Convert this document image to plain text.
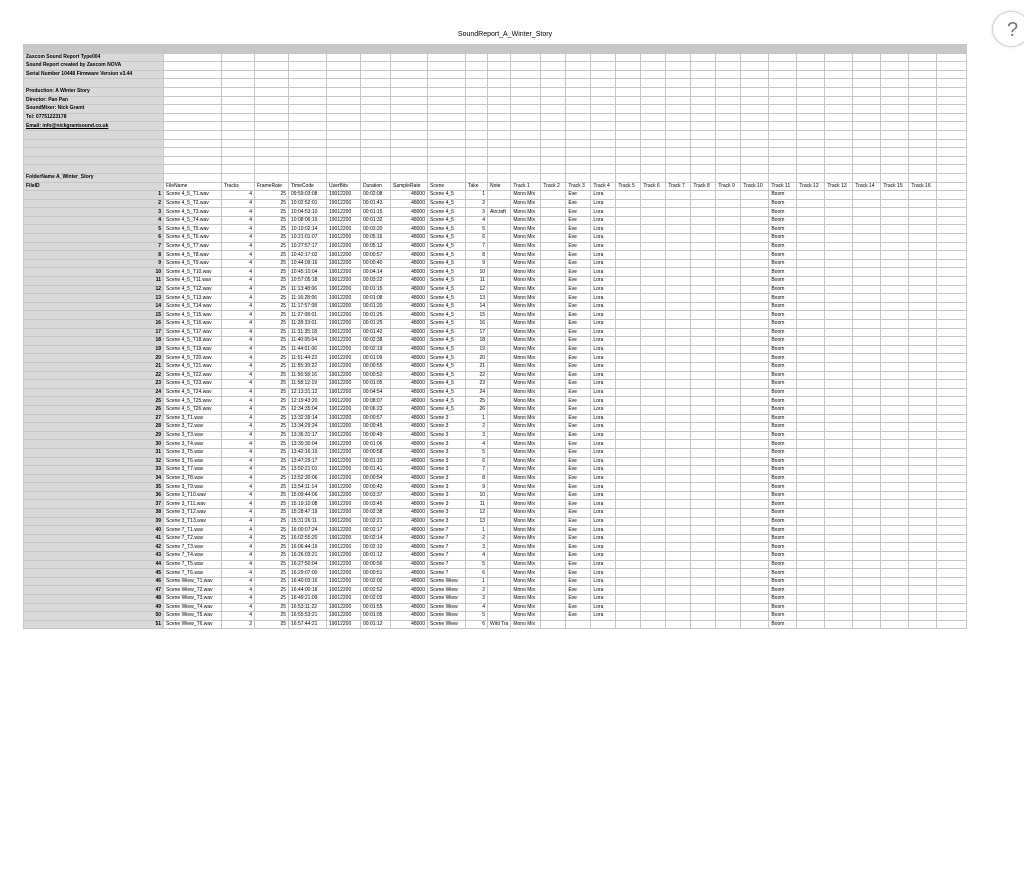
SoundReport_A_Winter_Story	?

Zaxcom Sound Report Type004																											
Sound Report created by Zaxcom NOVA																											
Serial Number 10448 Firmware Version v3.44																											

Production: A Winter Story																											
Director: Pan Pan																											
SoundMixer: Nick Gramt																											
Tel: 07751223178																											
Email: info@nickgrantsound.co.uk																											

FolderName A_Winter_Story																											
FileID	FileName	Tracks	FrameRate	TimeCode	UserBits	Duration	SampleRate	Scene	Take	Note	Track 1	Track 2	Track 3	Track 4	Track 5	Track 6	Track 7	Track 8	Track 9	Track 10	Track 11	Track 12	Track 13	Track 14	Track 15	Track 16	
1	Scene 4_5_T1.wav	4	25	09:59:03:08	19012200	00:02:08	48000	Scene 4_5	1		Mono Mix		Eve	Lora							Boom						
2	Scene 4_5_T2.wav	4	25	10:02:52:01	19012200	00:01:43	48000	Scene 4_5	2		Mono Mix		Eve	Lora							Boom						
3	Scene 4_5_T3.wav	4	25	10:04:53:10	19012200	00:01:15	48000	Scene 4_5	3	Aircraft	Mono Mix		Eve	Lora							Boom						
4	Scene 4_5_T4.wav	4	25	10:08:06:19	19012200	00:01:32	48000	Scene 4_5	4		Mono Mix		Eve	Lora							Boom						
5	Scene 4_5_T5.wav	4	25	10:10:02:14	19012200	00:03:20	48000	Scene 4_5	5		Mono Mix		Eve	Lora							Boom						
6	Scene 4_5_T6.wav	4	25	10:21:01:07	19012200	00:05:16	48000	Scene 4_5	6		Mono Mix		Eve	Lora							Boom						
7	Scene 4_5_T7.wav	4	25	10:27:57:17	19012200	00:05:12	48000	Scene 4_5	7		Mono Mix		Eve	Lora							Boom						
8	Scene 4_5_T8.wav	4	25	10:42:17:02	19012200	00:00:57	48000	Scene 4_5	8		Mono Mix		Eve	Lora							Boom						
9	Scene 4_5_T9.wav	4	25	10:44:09:16	19012200	00:00:40	48000	Scene 4_5	9		Mono Mix		Eve	Lora							Boom						
10	Scene 4_5_T10.wav	4	25	10:45:10:04	19012200	00:04:14	48000	Scene 4_5	10		Mono Mix		Eve	Lora							Boom						
11	Scene 4_5_T11.wav	4	25	10:57:05:18	19012200	00:03:22	48000	Scene 4_5	11		Mono Mix		Eve	Lora							Boom						
12	Scene 4_5_T12.wav	4	25	11:13:48:06	19012200	00:01:15	48000	Scene 4_5	12		Mono Mix		Eve	Lora							Boom						
13	Scene 4_5_T13.wav	4	25	11:16:28:06	19012200	00:01:08	48000	Scene 4_5	13		Mono Mix		Eve	Lora							Boom						
14	Scene 4_5_T14.wav	4	25	11:17:57:08	19012200	00:01:20	48000	Scene 4_5	14		Mono Mix		Eve	Lora							Boom						
15	Scene 4_5_T15.wav	4	25	11:27:08:01	19012200	00:01:25	48000	Scene 4_5	15		Mono Mix		Eve	Lora							Boom						
16	Scene 4_5_T16.wav	4	25	11:28:33:01	19012200	00:01:25	48000	Scene 4_5	16		Mono Mix		Eve	Lora							Boom						
17	Scene 4_5_T17.wav	4	25	11:31:35:18	19012200	00:01:42	48000	Scene 4_5	17		Mono Mix		Eve	Lora							Boom						
18	Scene 4_5_T18.wav	4	25	11:40:05:04	19012200	00:02:38	48000	Scene 4_5	18		Mono Mix		Eve	Lora							Boom						
19	Scene 4_5_T19.wav	4	25	11:44:01:06	19012200	00:02:19	48000	Scene 4_5	19		Mono Mix		Eve	Lora							Boom						
20	Scene 4_5_T20.wav	4	25	11:51:44:23	19012200	00:01:09	48000	Scene 4_5	20		Mono Mix		Eve	Lora							Boom						
21	Scene 4_5_T21.wav	4	25	11:55:39:22	19012200	00:00:55	48000	Scene 4_5	21		Mono Mix		Eve	Lora							Boom						
22	Scene 4_5_T22.wav	4	25	11:56:58:16	19012200	00:00:52	48000	Scene 4_5	22		Mono Mix		Eve	Lora							Boom						
23	Scene 4_5_T23.wav	4	25	11:58:12:19	19012200	00:01:05	48000	Scene 4_5	23		Mono Mix		Eve	Lora							Boom						
24	Scene 4_5_T24.wav	4	25	12:13:31:12	19012200	00:04:54	48000	Scene 4_5	24		Mono Mix		Eve	Lora							Boom						
25	Scene 4_5_T25.wav	4	25	12:19:43:20	19012200	00:08:07	48000	Scene 4_5	25		Mono Mix		Eve	Lora							Boom						
26	Scene 4_5_T26.wav	4	25	12:34:35:04	19012200	00:06:23	48000	Scene 4_5	26		Mono Mix		Eve	Lora							Boom						
27	Scene 3_T1.wav	4	25	13:32:39:14	19012200	00:00:57	48000	Scene 3	1		Mono Mix		Eve	Lora							Boom						
28	Scene 3_T2.wav	4	25	13:34:29:24	19012200	00:00:45	48000	Scene 3	2		Mono Mix		Eve	Lora							Boom						
29	Scene 3_T3.wav	4	25	13:36:31:17	19012200	00:00:49	48000	Scene 3	3		Mono Mix		Eve	Lora							Boom						
30	Scene 3_T4.wav	4	25	13:39:30:04	19012200	00:01:06	48000	Scene 3	4		Mono Mix		Eve	Lora							Boom						
31	Scene 3_T5.wav	4	25	13:42:16:19	19012200	00:00:58	48000	Scene 3	5		Mono Mix		Eve	Lora							Boom						
32	Scene 3_T6.wav	4	25	13:47:29:17	19012200	00:01:10	48000	Scene 3	6		Mono Mix		Eve	Lora							Boom						
33	Scene 3_T7.wav	4	25	13:50:21:01	19012200	00:01:41	48000	Scene 3	7		Mono Mix		Eve	Lora							Boom						
34	Scene 3_T8.wav	4	25	13:52:30:06	19012200	00:00:54	48000	Scene 3	8		Mono Mix		Eve	Lora							Boom						
35	Scene 3_T9.wav	4	25	13:54:11:14	19012200	00:00:43	48000	Scene 3	9		Mono Mix		Eve	Lora							Boom						
36	Scene 3_T10.wav	4	25	15:09:44:06	19012200	00:03:37	48000	Scene 3	10		Mono Mix		Eve	Lora							Boom						
37	Scene 3_T11.wav	4	25	15:19:10:08	19012200	00:03:45	48000	Scene 3	11		Mono Mix		Eve	Lora							Boom						
38	Scene 3_T12.wav	4	25	15:28:47:19	19012200	00:02:38	48000	Scene 3	12		Mono Mix		Eve	Lora							Boom						
39	Scene 3_T13.wav	4	25	15:31:26:11	19012200	00:02:21	48000	Scene 3	13		Mono Mix		Eve	Lora							Boom						
40	Scene 7_T1.wav	4	25	16:00:07:24	19012200	00:02:17	48000	Scene 7	1		Mono Mix		Eve	Lora							Boom						
41	Scene 7_T2.wav	4	25	16:02:55:20	19012200	00:02:14	48000	Scene 7	2		Mono Mix		Eve	Lora							Boom						
42	Scene 7_T3.wav	4	25	16:06:44:19	19012200	00:02:10	48000	Scene 7	3		Mono Mix		Eve	Lora							Boom						
43	Scene 7_T4.wav	4	25	16:26:03:21	19012200	00:01:12	48000	Scene 7	4		Mono Mix		Eve	Lora							Boom						
44	Scene 7_T5.wav	4	25	16:27:50:04	19012200	00:00:56	48000	Scene 7	5		Mono Mix		Eve	Lora							Boom						
45	Scene 7_T6.wav	4	25	16:29:07:00	19012200	00:00:51	48000	Scene 7	6		Mono Mix		Eve	Lora							Boom						
46	Scene Wiew_T1.wav	4	25	16:40:03:16	19012200	00:02:00	48000	Scene Wiew	1		Mono Mix		Eve	Lora							Boom						
47	Scene Wiew_T2.wav	4	25	16:44:00:18	19012200	00:02:52	48000	Scene Wiew	2		Mono Mix		Eve	Lora							Boom						
48	Scene Wiew_T3.wav	4	25	16:49:21:09	19012200	00:02:03	48000	Scene Wiew	3		Mono Mix		Eve	Lora							Boom						
49	Scene Wiew_T4.wav	4	25	16:53:11:22	19012200	00:01:55	48000	Scene Wiew	4		Mono Mix		Eve	Lora							Boom						
50	Scene Wiew_T5.wav	4	25	16:55:53:21	19012200	00:01:05	48000	Scene Wiew	5		Mono Mix		Eve	Lora							Boom						
51	Scene Wiew_T6.wav	2	25	16:57:44:21	19012200	00:01:12	48000	Scene Wiew	6	Wild Tra	Mono Mix										Boom						
